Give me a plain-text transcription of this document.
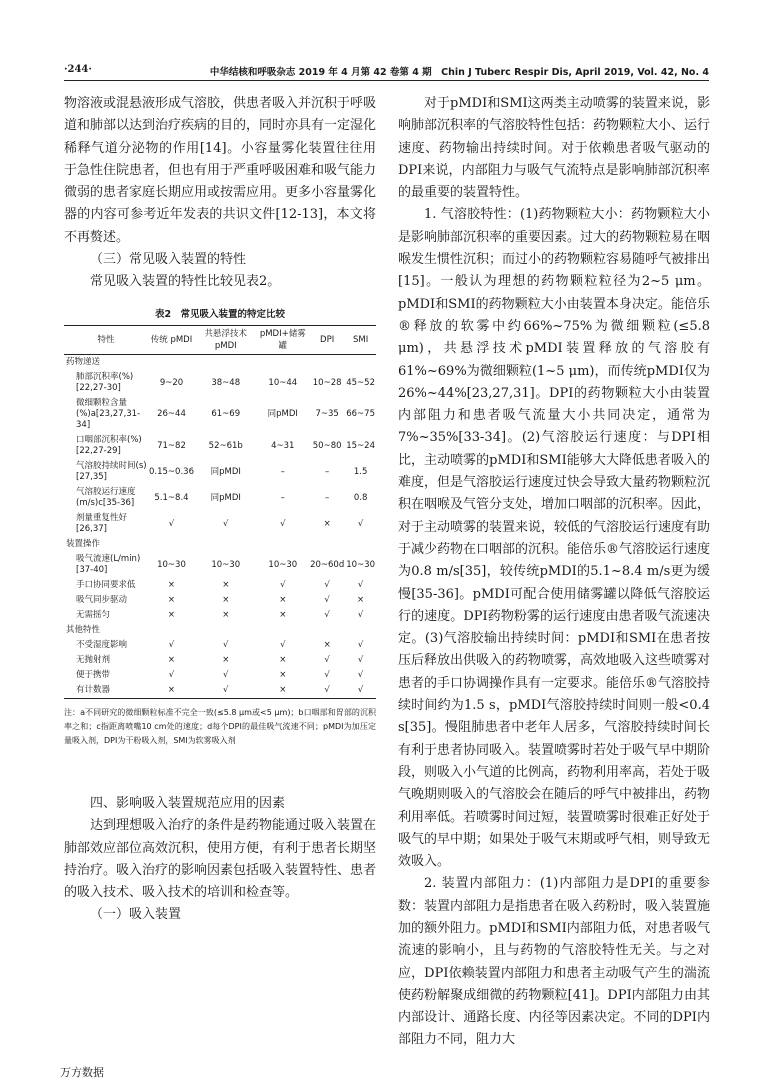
·244·	中华结核和呼吸杂志 2019 年 4 月第 42 卷第 4 期　Chin J Tuberc Respir Dis, April 2019, Vol. 42, No. 4

物溶液或混悬液形成气溶胶，供患者吸入并沉积于呼吸道和肺部以达到治疗疾病的目的，同时亦具有一定湿化稀释气道分泌物的作用[14]。小容量雾化装置往往用于急性住院患者，但也有用于严重呼吸困难和吸气能力微弱的患者家庭长期应用或按需应用。更多小容量雾化器的内容可参考近年发表的共识文件[12-13]，本文将不再赘述。

（三）常见吸入装置的特性

常见吸入装置的特性比较见表2。

表2　常见吸入装置的特定比较
特性	传统 pMDI	共悬浮技术 pMDI	pMDI+储雾罐	DPI	SMI
药物递送					
肺部沉积率(%)[22,27-30]	9~20	38~48	10~44	10~28	45~52
微细颗粒含量(%)a[23,27,31-34]	26~44	61~69	同pMDI	7~35	66~75
口咽部沉积率(%)[22,27-29]	71~82	52~61b	4~31	50~80	15~24
气溶胶持续时间(s)[27,35]	0.15~0.36	同pMDI	–	–	1.5
气溶胶运行速度(m/s)c[35-36]	5.1~8.4	同pMDI	–	–	0.8
剂量重复性好[26,37]	√	√	√	×	√
装置操作					
吸气流速(L/min)[37-40]	10~30	10~30	10~30	20~60d	10~30
手口协同要求低	×	×	√	√	√
吸气同步驱动	×	×	×	√	×
无需摇匀	×	×	×	√	√
其他特性					
不受湿度影响	√	√	√	×	√
无抛射剂	×	×	×	√	√
便于携带	√	√	×	√	√
有计数器	×	√	×	√	√
注：a不同研究的微细颗粒标准不完全一致(≤5.8 μm或<5 μm)；b口咽部和胃部的沉积率之和；c指距离喷嘴10 cm处的速度；d每个DPI的最佳吸气流速不同；pMDI为加压定量吸入剂，DPI为干粉吸入剂，SMI为软雾吸入剂

四、影响吸入装置规范应用的因素

达到理想吸入治疗的条件是药物能通过吸入装置在肺部效应部位高效沉积，使用方便，有利于患者长期坚持治疗。吸入治疗的影响因素包括吸入装置特性、患者的吸入技术、吸入技术的培训和检查等。

（一）吸入装置

对于pMDI和SMI这两类主动喷雾的装置来说，影响肺部沉积率的气溶胶特性包括：药物颗粒大小、运行速度、药物输出持续时间。对于依赖患者吸气驱动的DPI来说，内部阻力与吸气气流特点是影响肺部沉积率的最重要的装置特性。

1. 气溶胶特性：(1)药物颗粒大小：药物颗粒大小是影响肺部沉积率的重要因素。过大的药物颗粒易在咽喉发生惯性沉积；而过小的药物颗粒容易随呼气被排出[15]。一般认为理想的药物颗粒粒径为2~5 μm。pMDI和SMI的药物颗粒大小由装置本身决定。能倍乐®释放的软雾中约66%~75%为微细颗粒(≤5.8 μm)，共悬浮技术pMDI装置释放的气溶胶有61%~69%为微细颗粒(1~5 μm)，而传统pMDI仅为26%~44%[23,27,31]。DPI的药物颗粒大小由装置内部阻力和患者吸气流量大小共同决定，通常为7%~35%[33-34]。(2)气溶胶运行速度：与DPI相比，主动喷雾的pMDI和SMI能够大大降低患者吸入的难度，但是气溶胶运行速度过快会导致大量药物颗粒沉积在咽喉及气管分支处，增加口咽部的沉积率。因此，对于主动喷雾的装置来说，较低的气溶胶运行速度有助于减少药物在口咽部的沉积。能倍乐®气溶胶运行速度为0.8 m/s[35]，较传统pMDI的5.1~8.4 m/s更为缓慢[35-36]。pMDI可配合使用储雾罐以降低气溶胶运行的速度。DPI药物粉雾的运行速度由患者吸气流速决定。(3)气溶胶输出持续时间：pMDI和SMI在患者按压后释放出供吸入的药物喷雾，高效地吸入这些喷雾对患者的手口协调操作具有一定要求。能倍乐®气溶胶持续时间约为1.5 s，pMDI气溶胶持续时间则一般<0.4 s[35]。慢阻肺患者中老年人居多，气溶胶持续时间长有利于患者协同吸入。装置喷雾时若处于吸气早中期阶段，则吸入小气道的比例高，药物利用率高，若处于吸气晚期则吸入的气溶胶会在随后的呼气中被排出，药物利用率低。若喷雾时间过短，装置喷雾时很难正好处于吸气的早中期；如果处于吸气末期或呼气相，则导致无效吸入。

2. 装置内部阻力：(1)内部阻力是DPI的重要参数：装置内部阻力是指患者在吸入药粉时，吸入装置施加的额外阻力。pMDI和SMI内部阻力低，对患者吸气流速的影响小，且与药物的气溶胶特性无关。与之对应，DPI依赖装置内部阻力和患者主动吸气产生的湍流使药粉解聚成细微的药物颗粒[41]。DPI内部阻力由其内部设计、通路长度、内径等因素决定。不同的DPI内部阻力不同，阻力大

万方数据
